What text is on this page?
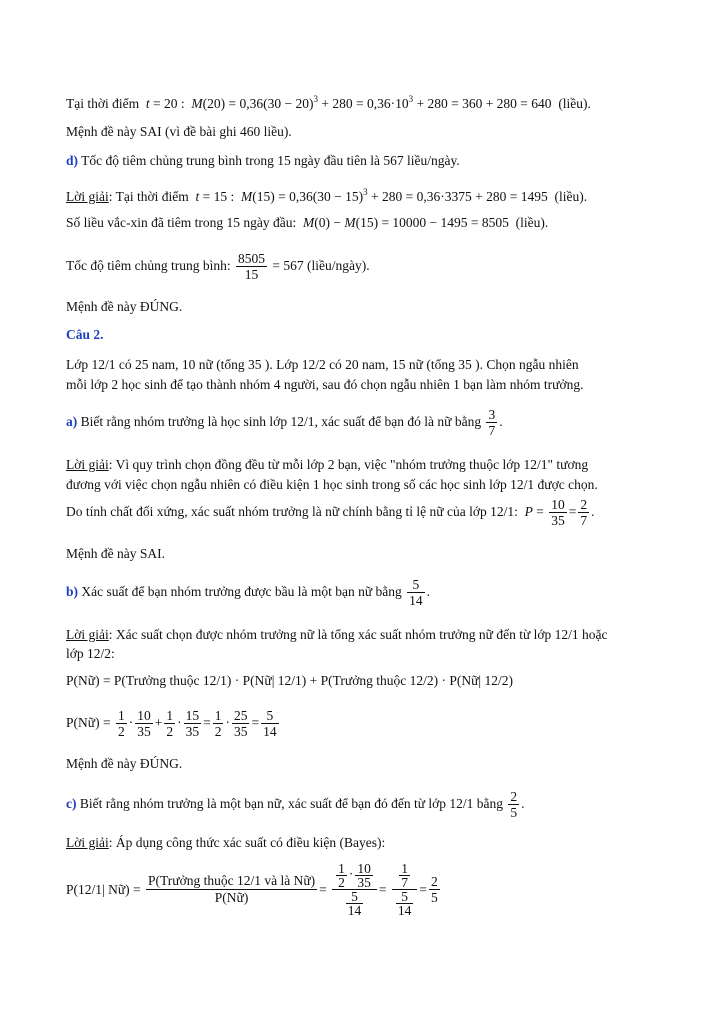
Tại thời điểm t = 20 :  $M(20) = 0,36(30 - 20)^3 + 280 = 0,36\cdot 10^3 + 280 = 360 + 280 = 640$  (liều).
Mệnh đề này SAI (vì đề bài ghi 460 liều).
d) Tốc độ tiêm chủng trung bình trong 15 ngày đầu tiên là 567 liều/ngày.
Lời giải: Tại thời điểm t = 15 :  $M(15) = 0,36(30 - 15)^3 + 280 = 0,36\cdot 3375 + 280 = 1495$  (liều).
Số liều vắc-xin đã tiêm trong 15 ngày đầu: M(0) − M(15) = 10000 − 1495 = 8505  (liều).
Tốc độ tiêm chủng trung bình: $\frac{8505}{15} = 567$ (liều/ngày).
Mệnh đề này ĐÚNG.
Câu 2.
Lớp 12/1 có 25 nam, 10 nữ (tổng 35 ). Lớp 12/2 có 20 nam, 15 nữ (tổng 35 ). Chọn ngẫu nhiên
mỗi lớp 2 học sinh để tạo thành nhóm 4 người, sau đó chọn ngẫu nhiên 1 bạn làm nhóm trưởng.
a) Biết rằng nhóm trưởng là học sinh lớp 12/1, xác suất để bạn đó là nữ bằng $\frac{3}{7}$ .
Lời giải: Vì quy trình chọn đồng đều từ mỗi lớp 2 bạn, việc "nhóm trưởng thuộc lớp 12/1" tương
đương với việc chọn ngẫu nhiên có điều kiện 1 học sinh trong số các học sinh lớp 12/1 được chọn.
Do tính chất đối xứng, xác suất nhóm trưởng là nữ chính bằng tỉ lệ nữ của lớp 12/1: $P = \frac{10}{35} = \frac{2}{7}$ .
Mệnh đề này SAI.
b) Xác suất để bạn nhóm trưởng được bầu là một bạn nữ bằng $\frac{5}{14}$ .
Lời giải: Xác suất chọn được nhóm trưởng nữ là tổng xác suất nhóm trưởng nữ đến từ lớp 12/1 hoặc
lớp 12/2:
P(Nữ) = P(Trưởng thuộc 12/1) · P(Nữ| 12/1) + P(Trưởng thuộc 12/2) · P(Nữ| 12/2)
P(Nữ) = $\frac{1}{2} \cdot \frac{10}{35} + \frac{1}{2} \cdot \frac{15}{35} = \frac{1}{2} \cdot \frac{25}{35} = \frac{5}{14}$
Mệnh đề này ĐÚNG.
c) Biết rằng nhóm trưởng là một bạn nữ, xác suất để bạn đó đến từ lớp 12/1 bằng $\frac{2}{5}$ .
Lời giải: Áp dụng công thức xác suất có điều kiện (Bayes):
P(12/1| Nữ) = $\frac{\text{P(Trưởng thuộc 12/1 và là Nữ)}}{\text{P(Nữ)}} = \frac{\frac{1}{2} \cdot \frac{10}{35}}{\frac{5}{14}} = \frac{\frac{1}{7}}{\frac{5}{14}} = \frac{2}{5}$
